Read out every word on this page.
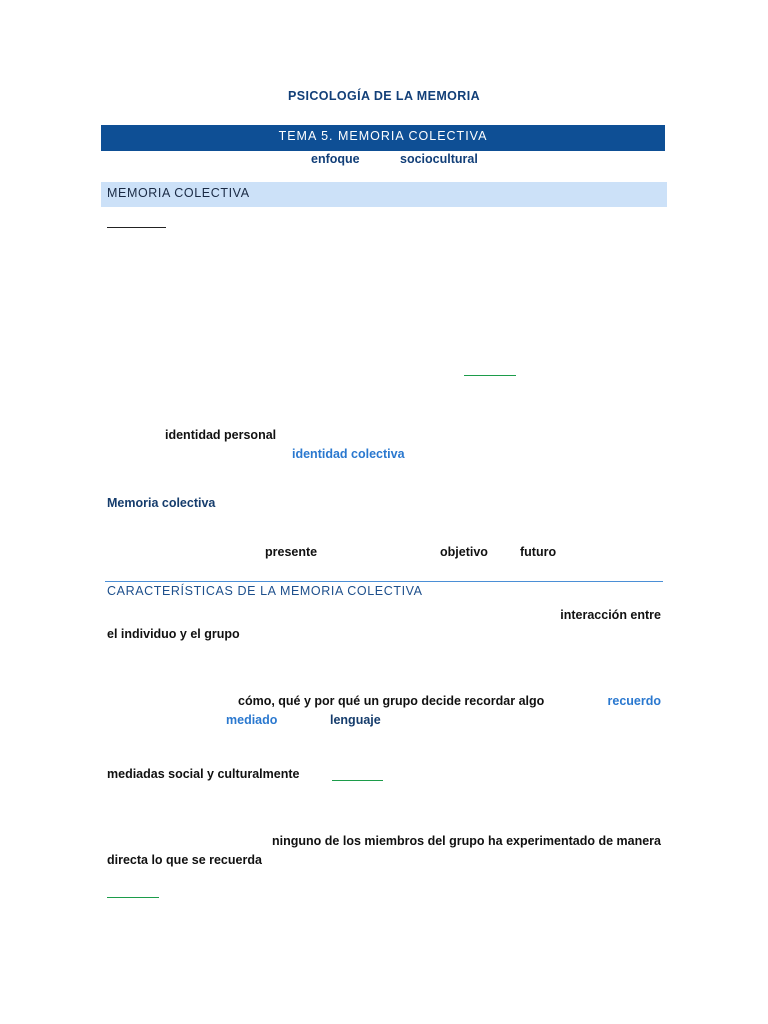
PSICOLOGÍA DE LA MEMORIA
TEMA 5. MEMORIA COLECTIVA
enfoque	sociocultural
MEMORIA COLECTIVA
identidad personal
identidad colectiva
Memoria colectiva
presente	objetivo	futuro
CARACTERÍSTICAS DE LA MEMORIA COLECTIVA
interacción entre
el individuo y el grupo
cómo, qué y por qué un grupo decide recordar algo	recuerdo
mediado	lenguaje
mediadas social y culturalmente
ninguno de los miembros del grupo ha experimentado de manera
directa lo que se recuerda
